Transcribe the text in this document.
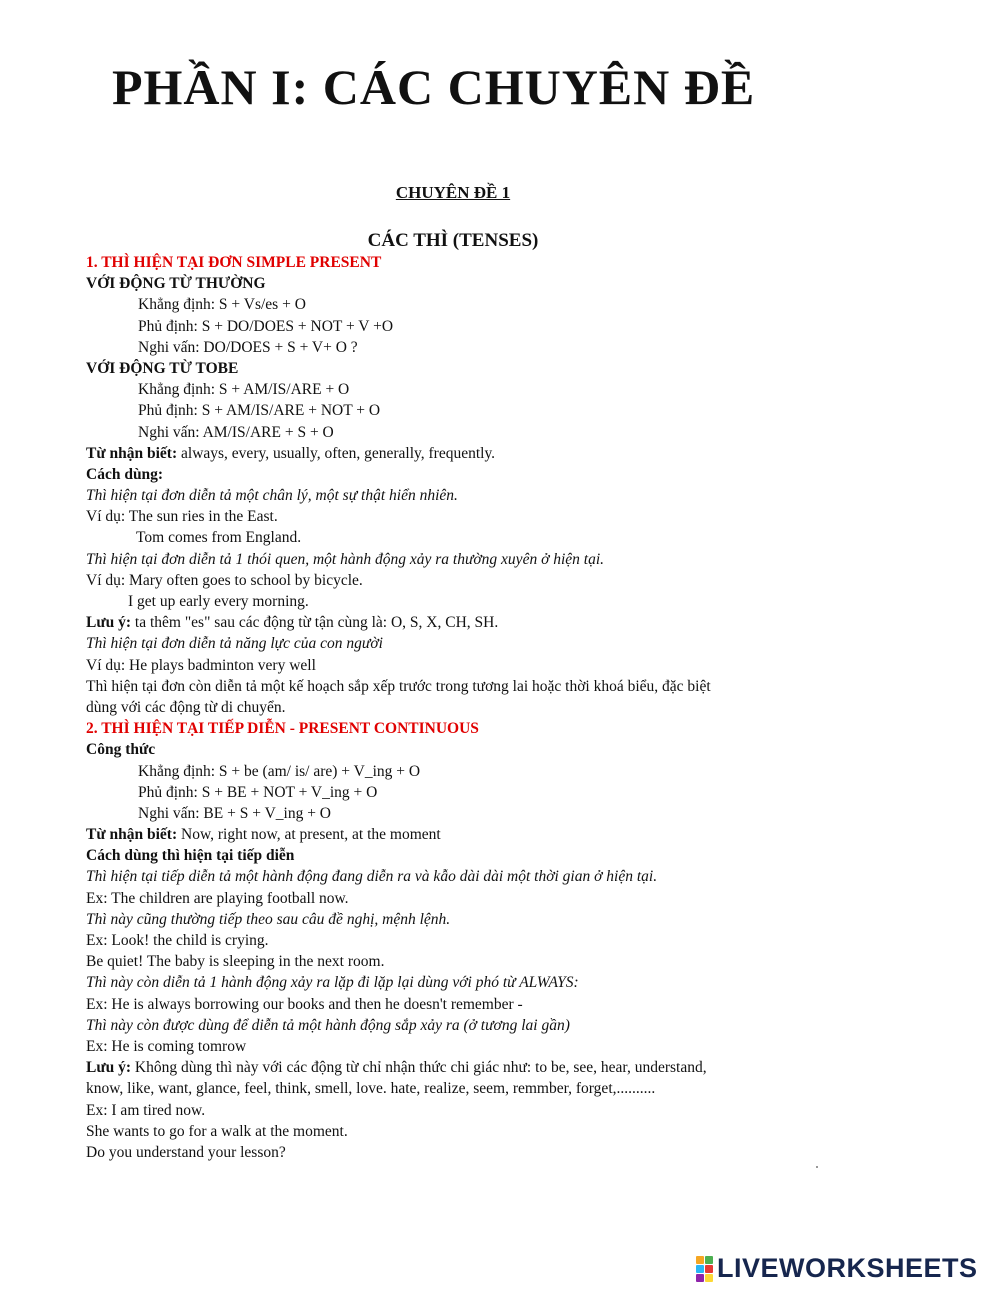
PHẦN I: CÁC CHUYÊN ĐỀ
CHUYÊN ĐỀ 1
CÁC THÌ (TENSES)
1. THÌ HIỆN TẠI ĐƠN SIMPLE PRESENT
VỚI ĐỘNG TỪ THƯỜNG
Khẳng định: S + Vs/es + O
Phủ định: S + DO/DOES + NOT + V +O
Nghi vấn: DO/DOES + S + V+ O ?
VỚI ĐỘNG TỪ TOBE
Khẳng định: S + AM/IS/ARE + O
Phủ định: S + AM/IS/ARE + NOT + O
Nghi vấn: AM/IS/ARE + S + O
Từ nhận biết: always, every, usually, often, generally, frequently.
Cách dùng:
Thì hiện tại đơn diễn tả một chân lý, một sự thật hiển nhiên.
Ví dụ: The sun ries in the East.
Tom comes from England.
Thì hiện tại đơn diễn tả 1 thói quen, một hành động xảy ra thường xuyên ở hiện tại.
Ví dụ: Mary often goes to school by bicycle.
I get up early every morning.
Lưu ý: ta thêm "es" sau các động từ tận cùng là: O, S, X, CH, SH.
Thì hiện tại đơn diễn tả năng lực của con người
Ví dụ: He plays badminton very well
Thì hiện tại đơn còn diễn tả một kế hoạch sắp xếp trước trong tương lai hoặc thời khoá biểu, đặc biệt
dùng với các động từ di chuyển.
2. THÌ HIỆN TẠI TIẾP DIỄN - PRESENT CONTINUOUS
Công thức
Khẳng định: S + be (am/ is/ are) + V_ing + O
Phủ định: S + BE + NOT + V_ing + O
Nghi vấn: BE + S + V_ing + O
Từ nhận biết: Now, right now, at present, at the moment
Cách dùng thì hiện tại tiếp diễn
Thì hiện tại tiếp diễn tả một hành động đang diễn ra và kẫo dài dài một thời gian ở hiện tại.
Ex: The children are playing football now.
Thì này cũng thường tiếp theo sau câu đề nghị, mệnh lệnh.
Ex: Look! the child is crying.
Be quiet! The baby is sleeping in the next room.
Thì này còn diễn tả 1 hành động xảy ra lặp đi lặp lại dùng với phó từ ALWAYS:
Ex: He is always borrowing our books and then he doesn't remember -
Thì này còn được dùng để diễn tả một hành động sắp xảy ra (ở tương lai gần)
Ex: He is coming tomrow
Lưu ý: Không dùng thì này với các động từ chỉ nhận thức chi giác như: to be, see, hear, understand,
know, like, want, glance, feel, think, smell, love. hate, realize, seem, remmber, forget,..........
Ex: I am tired now.
She wants to go for a walk at the moment.
Do you understand your lesson?
LIVEWORKSHEETS
